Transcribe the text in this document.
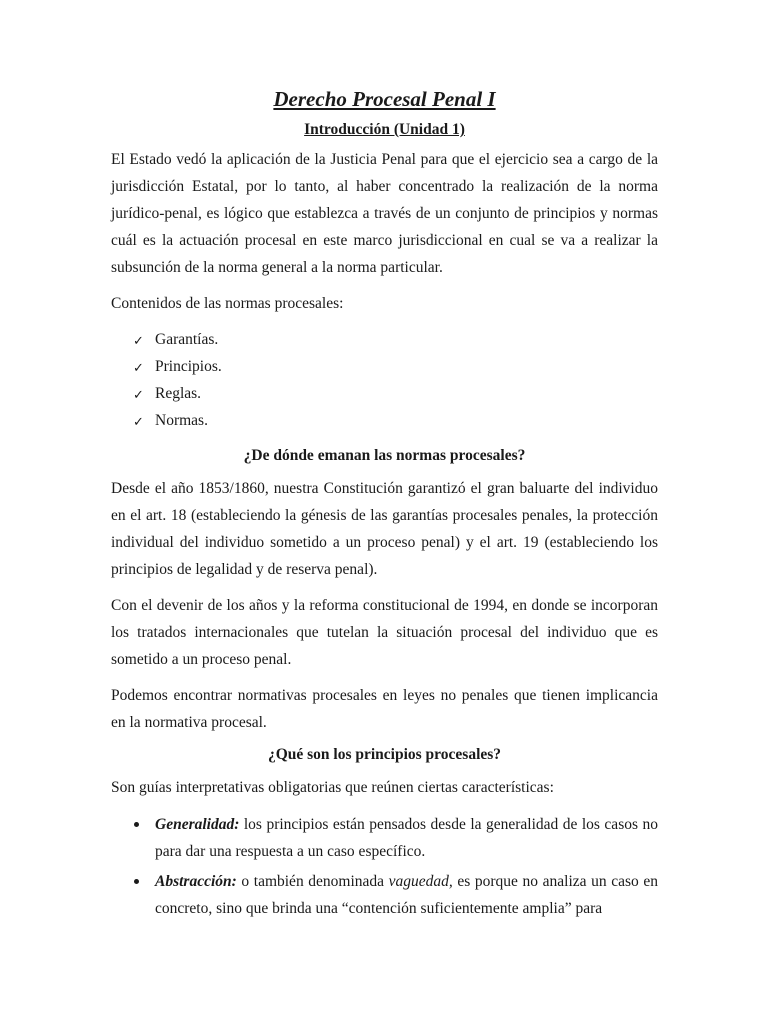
Derecho Procesal Penal I
Introducción (Unidad 1)

El Estado vedó la aplicación de la Justicia Penal para que el ejercicio sea a cargo de la jurisdicción Estatal, por lo tanto, al haber concentrado la realización de la norma jurídico-penal, es lógico que establezca a través de un conjunto de principios y normas cuál es la actuación procesal en este marco jurisdiccional en cual se va a realizar la subsunción de la norma general a la norma particular.

Contenidos de las normas procesales:

✓ Garantías.
✓ Principios.
✓ Reglas.
✓ Normas.
¿De dónde emanan las normas procesales?

Desde el año 1853/1860, nuestra Constitución garantizó el gran baluarte del individuo en el art. 18 (estableciendo la génesis de las garantías procesales penales, la protección individual del individuo sometido a un proceso penal) y el art. 19 (estableciendo los principios de legalidad y de reserva penal).

Con el devenir de los años y la reforma constitucional de 1994, en donde se incorporan los tratados internacionales que tutelan la situación procesal del individuo que es sometido a un proceso penal.

Podemos encontrar normativas procesales en leyes no penales que tienen implicancia en la normativa procesal.

¿Qué son los principios procesales?

Son guías interpretativas obligatorias que reúnen ciertas características:

Generalidad: los principios están pensados desde la generalidad de los casos no para dar una respuesta a un caso específico.
Abstracción: o también denominada vaguedad, es porque no analiza un caso en concreto, sino que brinda una “contención suficientemente amplia” para
